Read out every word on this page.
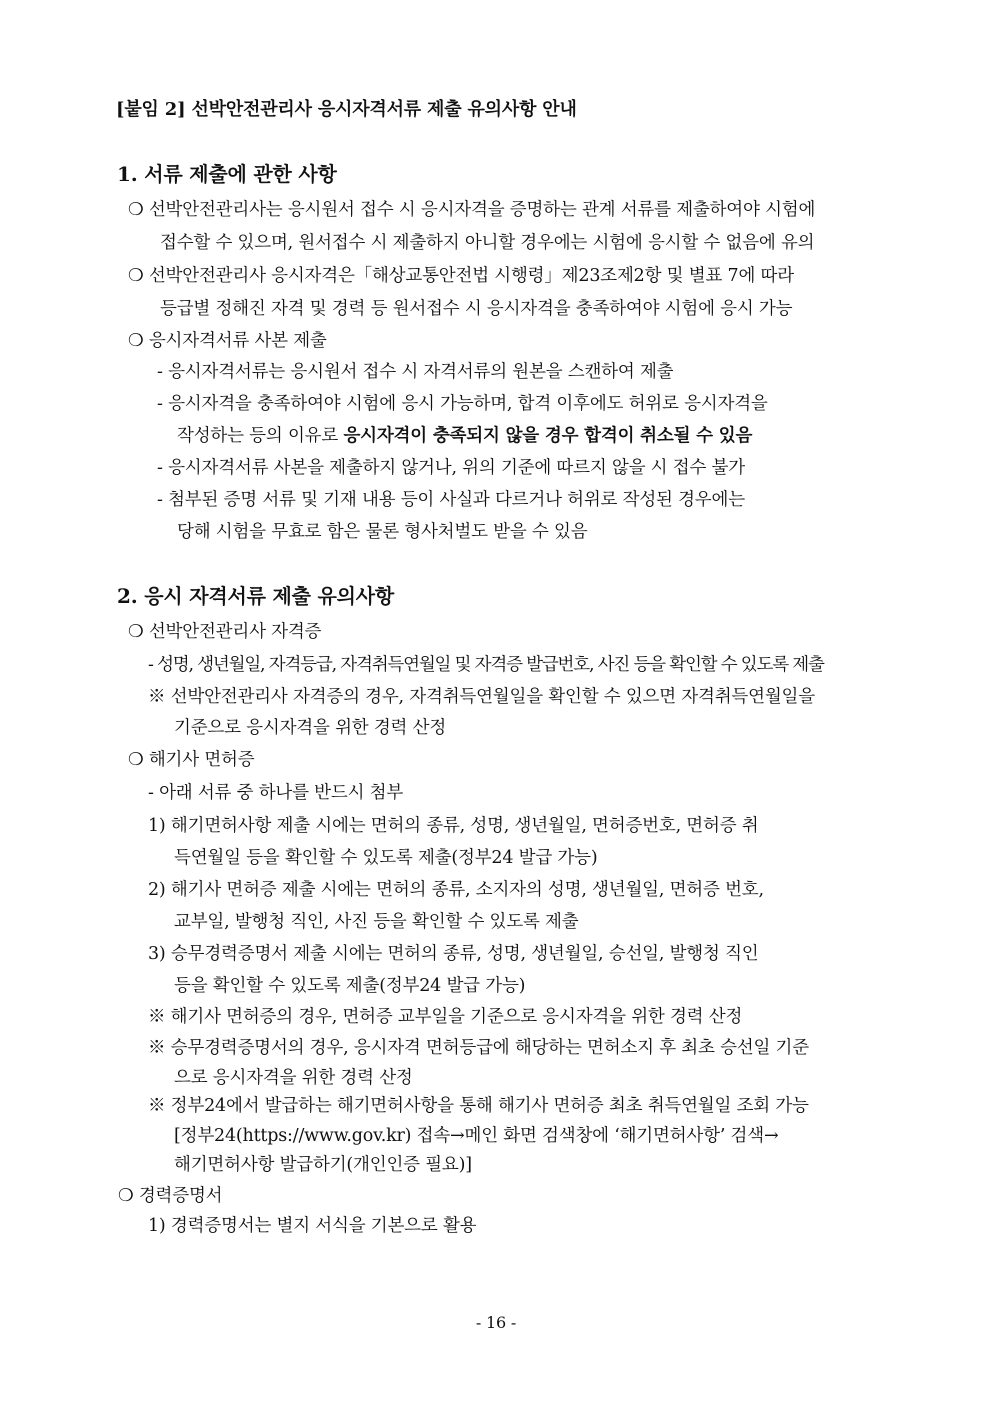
[붙임 2] 선박안전관리사 응시자격서류 제출 유의사항 안내
1. 서류 제출에 관한 사항
❍ 선박안전관리사는 응시원서 접수 시 응시자격을 증명하는 관계 서류를 제출하여야 시험에
접수할 수 있으며, 원서접수 시 제출하지 아니할 경우에는 시험에 응시할 수 없음에 유의
❍ 선박안전관리사 응시자격은「해상교통안전법 시행령」제23조제2항 및 별표 7에 따라
등급별 정해진 자격 및 경력 등 원서접수 시 응시자격을 충족하여야 시험에 응시 가능
❍ 응시자격서류 사본 제출
- 응시자격서류는 응시원서 접수 시 자격서류의 원본을 스캔하여 제출
- 응시자격을 충족하여야 시험에 응시 가능하며, 합격 이후에도 허위로 응시자격을
작성하는 등의 이유로 응시자격이 충족되지 않을 경우 합격이 취소될 수 있음
- 응시자격서류 사본을 제출하지 않거나, 위의 기준에 따르지 않을 시 접수 불가
- 첨부된 증명 서류 및 기재 내용 등이 사실과 다르거나 허위로 작성된 경우에는
당해 시험을 무효로 함은 물론 형사처벌도 받을 수 있음
2. 응시 자격서류 제출 유의사항
❍ 선박안전관리사 자격증
- 성명, 생년월일, 자격등급, 자격취득연월일 및 자격증 발급번호, 사진 등을 확인할 수 있도록 제출
※ 선박안전관리사 자격증의 경우, 자격취득연월일을 확인할 수 있으면 자격취득연월일을
기준으로 응시자격을 위한 경력 산정
❍ 해기사 면허증
- 아래 서류 중 하나를 반드시 첨부
1) 해기면허사항 제출 시에는 면허의 종류, 성명, 생년월일, 면허증번호, 면허증 취
득연월일 등을 확인할 수 있도록 제출(정부24 발급 가능)
2) 해기사 면허증 제출 시에는 면허의 종류, 소지자의 성명, 생년월일, 면허증 번호,
교부일, 발행청 직인, 사진 등을 확인할 수 있도록 제출
3) 승무경력증명서 제출 시에는 면허의 종류, 성명, 생년월일, 승선일, 발행청 직인
등을 확인할 수 있도록 제출(정부24 발급 가능)
※ 해기사 면허증의 경우, 면허증 교부일을 기준으로 응시자격을 위한 경력 산정
※ 승무경력증명서의 경우, 응시자격 면허등급에 해당하는 면허소지 후 최초 승선일 기준
으로 응시자격을 위한 경력 산정
※ 정부24에서 발급하는 해기면허사항을 통해 해기사 면허증 최초 취득연월일 조회 가능
[정부24(https://www.gov.kr) 접속→메인 화면 검색창에 ‘해기면허사항’ 검색→
해기면허사항 발급하기(개인인증 필요)]
❍ 경력증명서
1) 경력증명서는 별지 서식을 기본으로 활용
- 16 -
